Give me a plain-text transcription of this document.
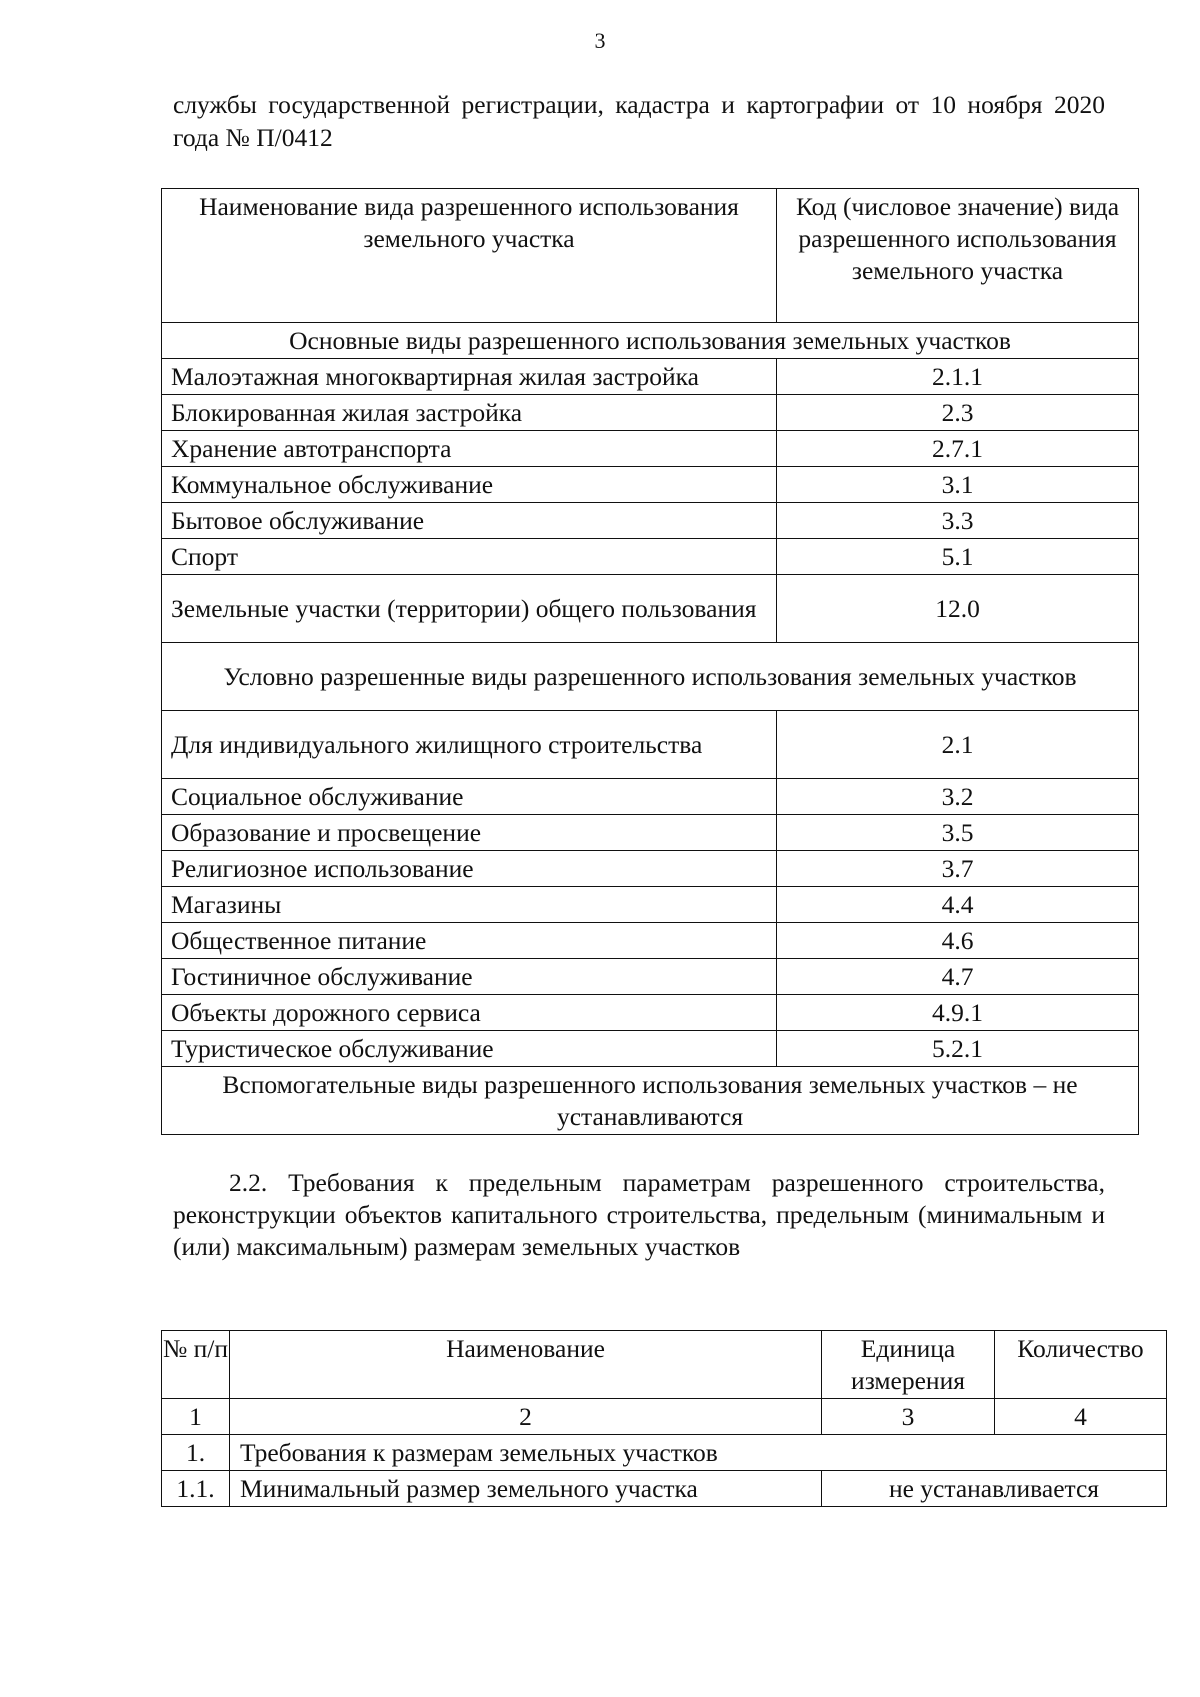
3
службы государственной регистрации, кадастра и картографии от 10 ноября 2020 года № П/0412
Наименование вида разрешенного использования земельного участка	Код (числовое значение) вида разрешенного использования земельного участка
Основные виды разрешенного использования земельных участков	
Малоэтажная многоквартирная жилая застройка	2.1.1
Блокированная жилая застройка	2.3
Хранение автотранспорта	2.7.1
Коммунальное обслуживание	3.1
Бытовое обслуживание	3.3
Спорт	5.1
Земельные участки (территории) общего пользования	12.0
Условно разрешенные виды разрешенного использования земельных участков	
Для индивидуального жилищного строительства	2.1
Социальное обслуживание	3.2
Образование и просвещение	3.5
Религиозное использование	3.7
Магазины	4.4
Общественное питание	4.6
Гостиничное обслуживание	4.7
Объекты дорожного сервиса	4.9.1
Туристическое обслуживание	5.2.1
Вспомогательные виды разрешенного использования земельных участков – не устанавливаются	
2.2. Требования к предельным параметрам разрешенного строительства, реконструкции объектов капитального строительства, предельным (минимальным и (или) максимальным) размерам земельных участков
№ п/п	Наименование	Единица измерения	Количество
1	2	3	4
1.	Требования к размерам земельных участков		
1.1.	Минимальный размер земельного участка	не устанавливается	
